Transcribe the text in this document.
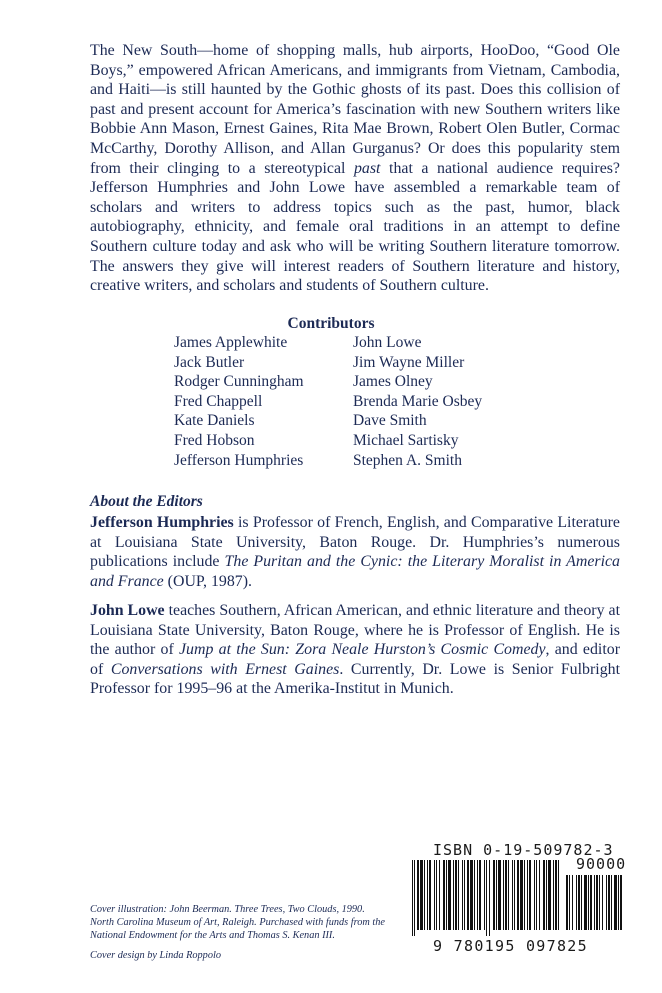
The New South—home of shopping malls, hub airports, HooDoo, “Good Ole Boys,” empowered African Americans, and immigrants from Vietnam, Cambodia, and Haiti—is still haunted by the Gothic ghosts of its past. Does this collision of past and present account for America’s fascination with new Southern writers like Bobbie Ann Mason, Ernest Gaines, Rita Mae Brown, Robert Olen Butler, Cormac McCarthy, Dorothy Allison, and Allan Gurganus? Or does this popularity stem from their clinging to a stereotypical past that a national audience requires? Jefferson Humphries and John Lowe have assembled a remarkable team of scholars and writers to address topics such as the past, humor, black autobiography, ethnicity, and female oral traditions in an attempt to define Southern culture today and ask who will be writing Southern literature tomorrow. The answers they give will interest readers of Southern literature and history, creative writers, and scholars and students of Southern culture.

Contributors
James Applewhite
Jack Butler
Rodger Cunningham
Fred Chappell
Kate Daniels
Fred Hobson
Jefferson Humphries
John Lowe
Jim Wayne Miller
James Olney
Brenda Marie Osbey
Dave Smith
Michael Sartisky
Stephen A. Smith
About the Editors

Jefferson Humphries is Professor of French, English, and Comparative Literature at Louisiana State University, Baton Rouge. Dr. Humphries’s numerous publications include The Puritan and the Cynic: the Literary Moralist in America and France (OUP, 1987).

John Lowe teaches Southern, African American, and ethnic literature and theory at Louisiana State University, Baton Rouge, where he is Professor of English. He is the author of Jump at the Sun: Zora Neale Hurston’s Cosmic Comedy, and editor of Conversations with Ernest Gaines. Currently, Dr. Lowe is Senior Fulbright Professor for 1995–96 at the Amerika-Institut in Munich.

ISBN 0-19-509782-3
90000
9 780195 097825
Cover illustration: John Beerman. Three Trees, Two Clouds, 1990. North Carolina Museum of Art, Raleigh. Purchased with funds from the National Endowment for the Arts and Thomas S. Kenan III.
Cover design by Linda Roppolo
